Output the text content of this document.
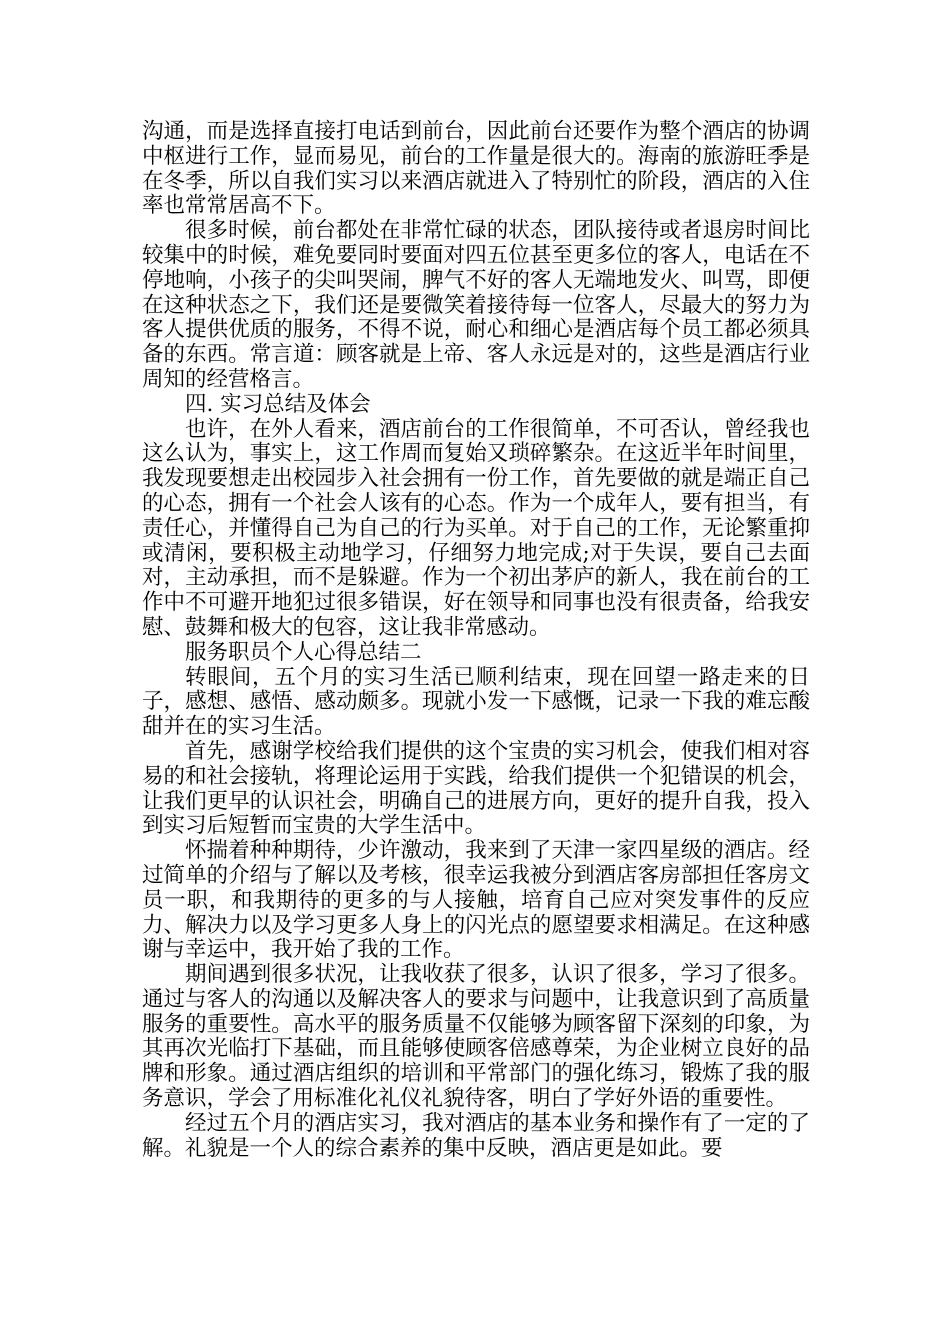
沟通，而是选择直接打电话到前台，因此前台还要作为整个酒店的协调中枢进行工作，显而易见，前台的工作量是很大的。海南的旅游旺季是在冬季，所以自我们实习以来酒店就进入了特别忙的阶段，酒店的入住率也常常居高不下。

很多时候，前台都处在非常忙碌的状态，团队接待或者退房时间比较集中的时候，难免要同时要面对四五位甚至更多位的客人，电话在不停地响，小孩子的尖叫哭闹，脾气不好的客人无端地发火、叫骂，即便在这种状态之下，我们还是要微笑着接待每一位客人，尽最大的努力为客人提供优质的服务，不得不说，耐心和细心是酒店每个员工都必须具备的东西。常言道：顾客就是上帝、客人永远是对的，这些是酒店行业周知的经营格言。

四. 实习总结及体会

也许，在外人看来，酒店前台的工作很简单，不可否认，曾经我也这么认为，事实上，这工作周而复始又琐碎繁杂。在这近半年时间里，我发现要想走出校园步入社会拥有一份工作，首先要做的就是端正自己的心态，拥有一个社会人该有的心态。作为一个成年人，要有担当，有责任心，并懂得自己为自己的行为买单。对于自己的工作，无论繁重抑或清闲，要积极主动地学习，仔细努力地完成;对于失误，要自己去面对，主动承担，而不是躲避。作为一个初出茅庐的新人，我在前台的工作中不可避开地犯过很多错误，好在领导和同事也没有很责备，给我安慰、鼓舞和极大的包容，这让我非常感动。

服务职员个人心得总结二

转眼间，五个月的实习生活已顺利结束，现在回望一路走来的日子，感想、感悟、感动颇多。现就小发一下感慨，记录一下我的难忘酸甜并在的实习生活。

首先，感谢学校给我们提供的这个宝贵的实习机会，使我们相对容易的和社会接轨，将理论运用于实践，给我们提供一个犯错误的机会，让我们更早的认识社会，明确自己的进展方向，更好的提升自我，投入到实习后短暂而宝贵的大学生活中。

怀揣着种种期待，少许激动，我来到了天津一家四星级的酒店。经过简单的介绍与了解以及考核，很幸运我被分到酒店客房部担任客房文员一职，和我期待的更多的与人接触，培育自己应对突发事件的反应力、解决力以及学习更多人身上的闪光点的愿望要求相满足。在这种感谢与幸运中，我开始了我的工作。

期间遇到很多状况，让我收获了很多，认识了很多，学习了很多。通过与客人的沟通以及解决客人的要求与问题中，让我意识到了高质量服务的重要性。高水平的服务质量不仅能够为顾客留下深刻的印象，为其再次光临打下基础，而且能够使顾客倍感尊荣，为企业树立良好的品牌和形象。通过酒店组织的培训和平常部门的强化练习，锻炼了我的服务意识，学会了用标准化礼仪礼貌待客，明白了学好外语的重要性。

经过五个月的酒店实习，我对酒店的基本业务和操作有了一定的了解。礼貌是一个人的综合素养的集中反映，酒店更是如此。要
